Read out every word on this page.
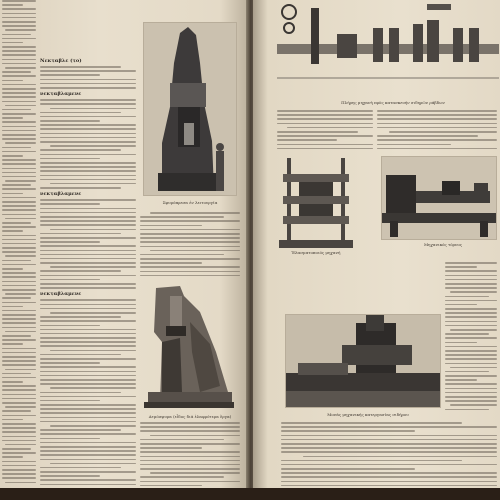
Νεκταβλε (το)
νεκταβλαμενε
νεκταβλαμενε
νεκταβλαμενε
Σφυρόπρεσα ἐν λειτουργία
Ατμόσφυρα (εἶδος διά ἐλαφρότερα ἔργα)
Πλήρης μηχανὴ πρὸς κατασκευήν σιδηρῶν ράβδων
Ἐλασματοποιός μηχανή
Μηχανικός τόρνος
Μονάς μηχανικής κατεργασίας σιδήρου
